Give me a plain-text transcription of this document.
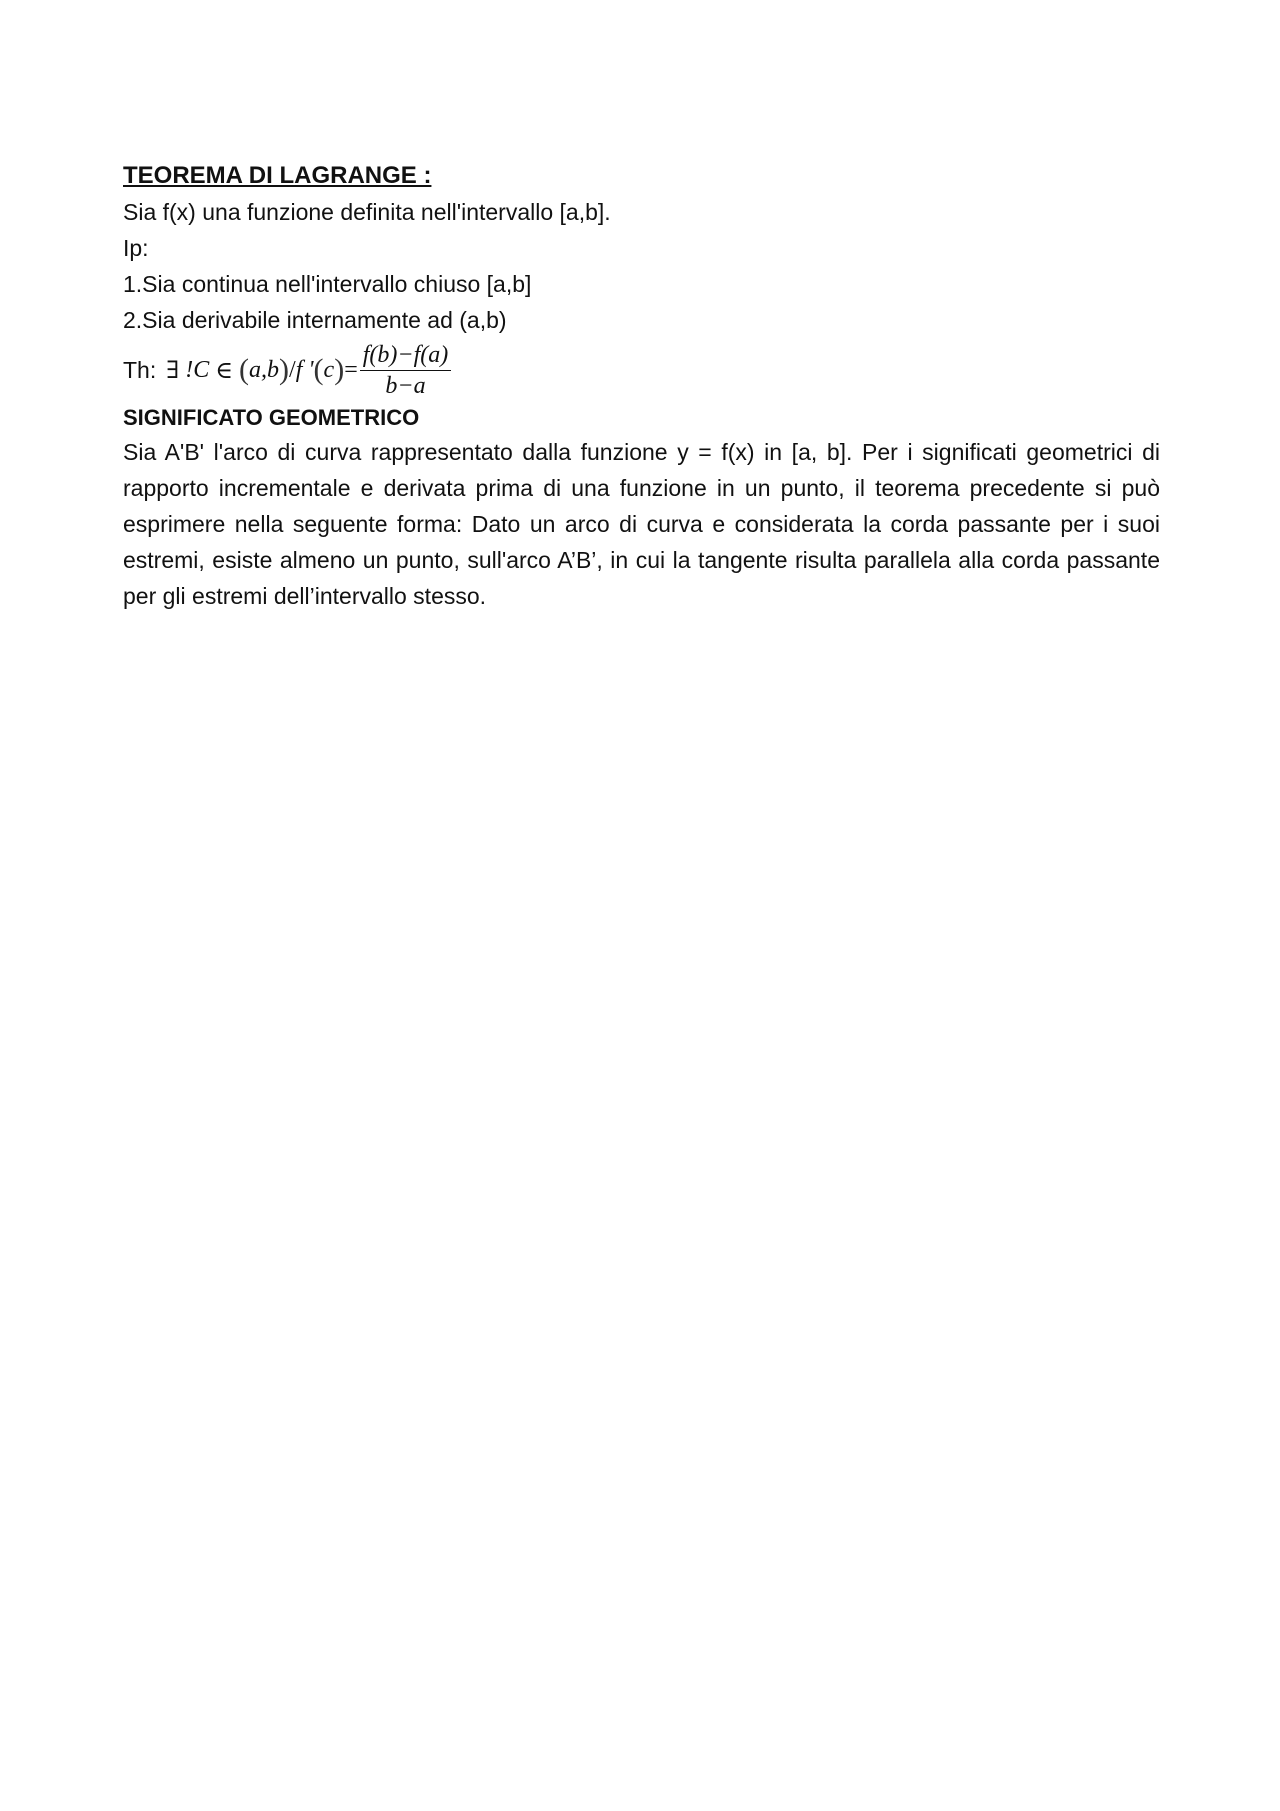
TEOREMA DI LAGRANGE :

Sia f(x) una funzione definita nell'intervallo [a,b].

Ip:

1.Sia continua nell'intervallo chiuso [a,b]

2.Sia derivabile internamente ad (a,b)

Th: ∃ ! C ∈ ( a,b ) / f ' ( c ) = $\frac{f(b)-f(a)}{b-a}$

SIGNIFICATO GEOMETRICO

Sia A'B' l'arco di curva rappresentato dalla funzione y = f(x) in [a, b]. Per i significati geometrici di rapporto incrementale e derivata prima di una funzione in un punto, il teorema precedente si può esprimere nella seguente forma: Dato un arco di curva e considerata la corda passante per i suoi estremi, esiste almeno un punto, sull'arco A’B’, in cui la tangente risulta parallela alla corda passante per gli estremi dell’intervallo stesso.
